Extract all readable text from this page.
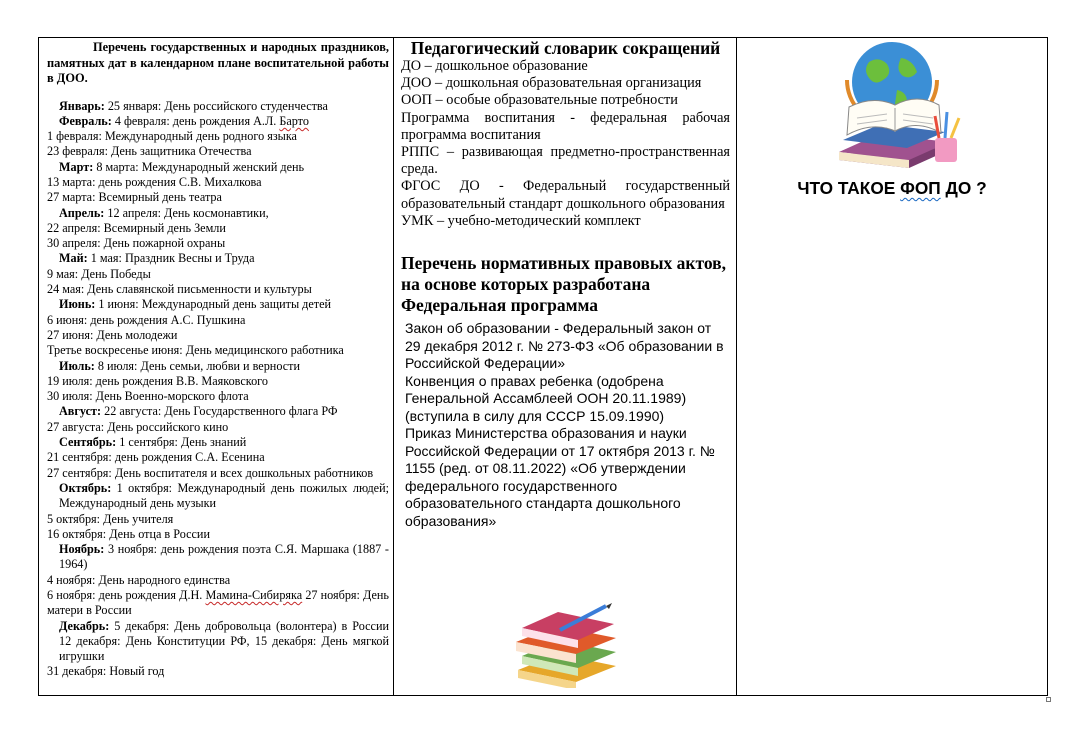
Перечень государственных и народных праздников, памятных дат в календарном плане воспитательной работы в ДОО.

Январь: 25 января: День российского студенчества

Февраль: 4 февраля: день рождения А.Л. Барто

1 февраля: Международный день родного языка

23 февраля: День защитника Отечества

Март: 8 марта: Международный женский день

13 марта: день рождения С.В. Михалкова

27 марта: Всемирный день театра

Апрель: 12 апреля: День космонавтики,

22 апреля: Всемирный день Земли

30 апреля: День пожарной охраны

Май: 1 мая: Праздник Весны и Труда

9 мая: День Победы

24 мая: День славянской письменности и культуры

Июнь: 1 июня: Международный день защиты детей

6 июня: день рождения А.С. Пушкина

27 июня: День молодежи

Третье воскресенье июня: День медицинского работника

Июль: 8 июля: День семьи, любви и верности

19 июля: день рождения В.В. Маяковского

30 июля: День Военно-морского флота

Август: 22 августа: День Государственного флага РФ

27 августа: День российского кино

Сентябрь: 1 сентября: День знаний

21 сентября: день рождения С.А. Есенина

27 сентября: День воспитателя и всех дошкольных работников

Октябрь: 1 октября: Международный день пожилых людей; Международный день музыки

5 октября: День учителя

16 октября: День отца в России

Ноябрь: 3 ноября: день рождения поэта С.Я. Маршака (1887 - 1964)

4 ноября: День народного единства

6 ноября: день рождения Д.Н. Мамина-Сибиряка 27 ноября: День матери в России

Декабрь: 5 декабря: День добровольца (волонтера) в России 12 декабря: День Конституции РФ, 15 декабря: День мягкой игрушки

31 декабря: Новый год

Педагогический словарик сокращений

ДО – дошкольное образование

ДОО – дошкольная образовательная организация

ООП – особые образовательные потребности

Программа воспитания - федеральная рабочая программа воспитания

РППС – развивающая предметно-пространственная среда.

ФГОС ДО - Федеральный государственный образовательный стандарт дошкольного образования

УМК – учебно-методический комплект

Перечень нормативных правовых актов, на основе которых разработана Федеральная программа

Закон об образовании - Федеральный закон от 29 декабря 2012 г. № 273-ФЗ «Об образовании в Российской Федерации»

Конвенция о правах ребенка (одобрена Генеральной Ассамблеей ООН 20.11.1989) (вступила в силу для СССР 15.09.1990)

Приказ Министерства образования и науки Российской Федерации от 17 октября 2013 г. № 1155 (ред. от 08.11.2022) «Об утверждении федерального государственного образовательного стандарта дошкольного образования»

ЧТО ТАКОЕ ФОП ДО ?
